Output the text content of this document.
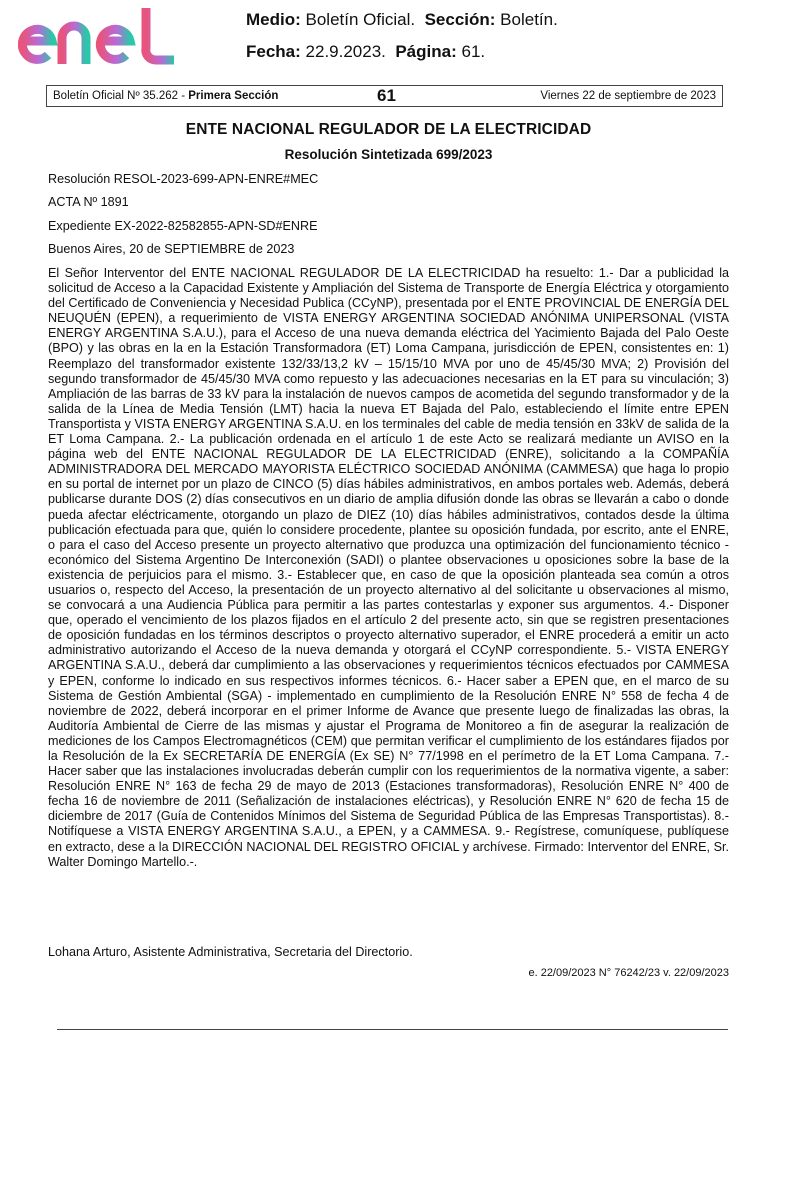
Medio: Boletín Oficial. Sección: Boletín.
Fecha: 22.9.2023. Página: 61.
Boletín Oficial Nº 35.262 - Primera Sección	61	Viernes 22 de septiembre de 2023
ENTE NACIONAL REGULADOR DE LA ELECTRICIDAD
Resolución Sintetizada 699/2023
Resolución RESOL-2023-699-APN-ENRE#MEC
ACTA Nº 1891
Expediente EX-2022-82582855-APN-SD#ENRE
Buenos Aires, 20 de SEPTIEMBRE de 2023
El Señor Interventor del ENTE NACIONAL REGULADOR DE LA ELECTRICIDAD ha resuelto: 1.- Dar a publicidad la solicitud de Acceso a la Capacidad Existente y Ampliación del Sistema de Transporte de Energía Eléctrica y otorgamiento del Certificado de Conveniencia y Necesidad Publica (CCyNP), presentada por el ENTE PROVINCIAL DE ENERGÍA DEL NEUQUÉN (EPEN), a requerimiento de VISTA ENERGY ARGENTINA SOCIEDAD ANÓNIMA UNIPERSONAL (VISTA ENERGY ARGENTINA S.A.U.), para el Acceso de una nueva demanda eléctrica del Yacimiento Bajada del Palo Oeste (BPO) y las obras en la en la Estación Transformadora (ET) Loma Campana, jurisdicción de EPEN, consistentes en: 1) Reemplazo del transformador existente 132/33/13,2 kV – 15/15/10 MVA por uno de 45/45/30 MVA; 2) Provisión del segundo transformador de 45/45/30 MVA como repuesto y las adecuaciones necesarias en la ET para su vinculación; 3) Ampliación de las barras de 33 kV para la instalación de nuevos campos de acometida del segundo transformador y de la salida de la Línea de Media Tensión (LMT) hacia la nueva ET Bajada del Palo, estableciendo el límite entre EPEN Transportista y VISTA ENERGY ARGENTINA S.A.U. en los terminales del cable de media tensión en 33kV de salida de la ET Loma Campana. 2.- La publicación ordenada en el artículo 1 de este Acto se realizará mediante un AVISO en la página web del ENTE NACIONAL REGULADOR DE LA ELECTRICIDAD (ENRE), solicitando a la COMPAÑÍA ADMINISTRADORA DEL MERCADO MAYORISTA ELÉCTRICO SOCIEDAD ANÓNIMA (CAMMESA) que haga lo propio en su portal de internet por un plazo de CINCO (5) días hábiles administrativos, en ambos portales web. Además, deberá publicarse durante DOS (2) días consecutivos en un diario de amplia difusión donde las obras se llevarán a cabo o donde pueda afectar eléctricamente, otorgando un plazo de DIEZ (10) días hábiles administrativos, contados desde la última publicación efectuada para que, quién lo considere procedente, plantee su oposición fundada, por escrito, ante el ENRE, o para el caso del Acceso presente un proyecto alternativo que produzca una optimización del funcionamiento técnico - económico del Sistema Argentino De Interconexión (SADI) o plantee observaciones u oposiciones sobre la base de la existencia de perjuicios para el mismo. 3.- Establecer que, en caso de que la oposición planteada sea común a otros usuarios o, respecto del Acceso, la presentación de un proyecto alternativo al del solicitante u observaciones al mismo, se convocará a una Audiencia Pública para permitir a las partes contestarlas y exponer sus argumentos. 4.- Disponer que, operado el vencimiento de los plazos fijados en el artículo 2 del presente acto, sin que se registren presentaciones de oposición fundadas en los términos descriptos o proyecto alternativo superador, el ENRE procederá a emitir un acto administrativo autorizando el Acceso de la nueva demanda y otorgará el CCyNP correspondiente. 5.- VISTA ENERGY ARGENTINA S.A.U., deberá dar cumplimiento a las observaciones y requerimientos técnicos efectuados por CAMMESA y EPEN, conforme lo indicado en sus respectivos informes técnicos. 6.- Hacer saber a EPEN que, en el marco de su Sistema de Gestión Ambiental (SGA) - implementado en cumplimiento de la Resolución ENRE N° 558 de fecha 4 de noviembre de 2022, deberá incorporar en el primer Informe de Avance que presente luego de finalizadas las obras, la Auditoría Ambiental de Cierre de las mismas y ajustar el Programa de Monitoreo a fin de asegurar la realización de mediciones de los Campos Electromagnéticos (CEM) que permitan verificar el cumplimiento de los estándares fijados por la Resolución de la Ex SECRETARÍA DE ENERGÍA (Ex SE) N° 77/1998 en el perímetro de la ET Loma Campana. 7.- Hacer saber que las instalaciones involucradas deberán cumplir con los requerimientos de la normativa vigente, a saber: Resolución ENRE N° 163 de fecha 29 de mayo de 2013 (Estaciones transformadoras), Resolución ENRE N° 400 de fecha 16 de noviembre de 2011 (Señalización de instalaciones eléctricas), y Resolución ENRE N° 620 de fecha 15 de diciembre de 2017 (Guía de Contenidos Mínimos del Sistema de Seguridad Pública de las Empresas Transportistas). 8.- Notifíquese a VISTA ENERGY ARGENTINA S.A.U., a EPEN, y a CAMMESA. 9.- Regístrese, comuníquese, publíquese en extracto, dese a la DIRECCIÓN NACIONAL DEL REGISTRO OFICIAL y archívese. Firmado: Interventor del ENRE, Sr. Walter Domingo Martello.-.
Lohana Arturo, Asistente Administrativa, Secretaria del Directorio.
e. 22/09/2023 N° 76242/23 v. 22/09/2023
